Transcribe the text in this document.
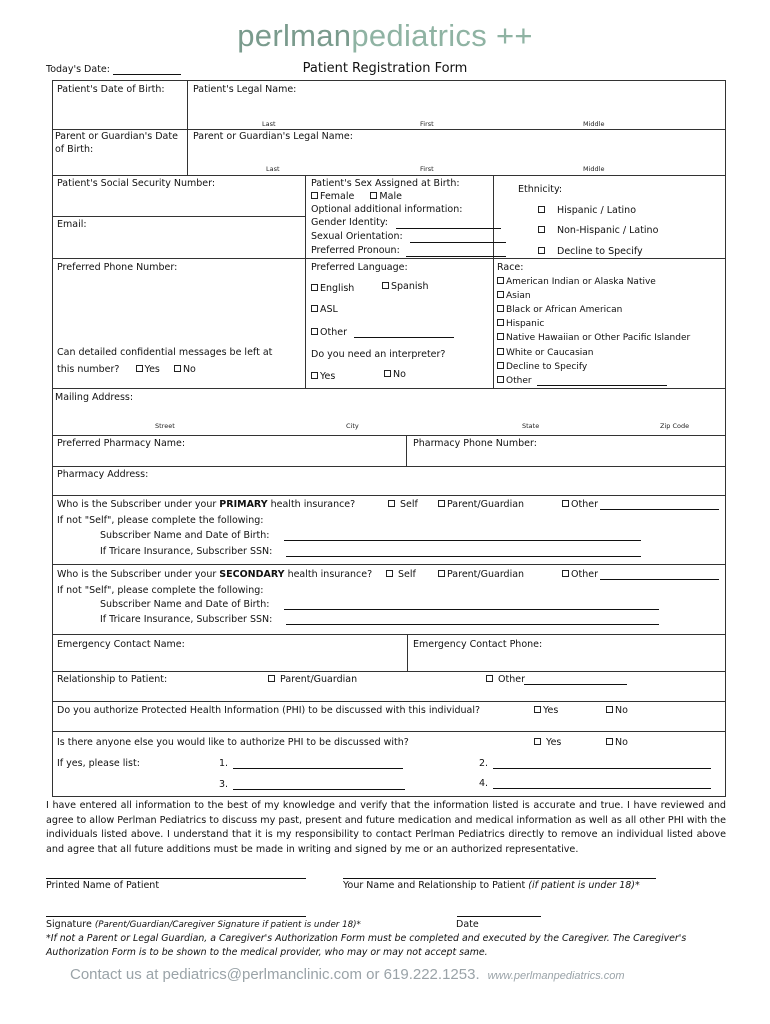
perlmanpediatrics ++
Patient Registration Form
Today's Date:
Patient's Date of Birth:	Patient's Legal Name:
Last	First	Middle
Parent or Guardian's Date
of Birth:
Parent or Guardian's Legal Name:
Last	First	Middle
Patient's Social Security Number:
Email:
Patient's Sex Assigned at Birth:
Female	Male
Optional additional information:
Gender Identity:
Sexual Orientation:
Preferred Pronoun:
Ethnicity:
Hispanic / Latino
Non-Hispanic / Latino
Decline to Specify
Preferred Phone Number:
Can detailed confidential messages be left at
this number?	Yes No
Preferred Language:
English	Spanish
ASL
Other
Do you need an interpreter?
Yes	No
Race:
American Indian or Alaska Native
Asian
Black or African American
Hispanic
Native Hawaiian or Other Pacific Islander
White or Caucasian
Decline to Specify
Other
Mailing Address:
Street	City	State	Zip Code
Preferred Pharmacy Name:	Pharmacy Phone Number:
Pharmacy Address:
Who is the Subscriber under your PRIMARY health insurance?	Self	Parent/Guardian	Other
If not "Self", please complete the following:
Subscriber Name and Date of Birth:
If Tricare Insurance, Subscriber SSN:
Who is the Subscriber under your SECONDARY health insurance?	Self	Parent/Guardian	Other
If not "Self", please complete the following:
Subscriber Name and Date of Birth:
If Tricare Insurance, Subscriber SSN:
Emergency Contact Name:	Emergency Contact Phone:
Relationship to Patient:	Parent/Guardian	Other
Do you authorize Protected Health Information (PHI) to be discussed with this individual?	Yes	No
Is there anyone else you would like to authorize PHI to be discussed with?	Yes	No
If yes, please list:	1.	2.
3.	4.
I have entered all information to the best of my knowledge and verify that the information listed is accurate and true. I have reviewed and agree to allow Perlman Pediatrics to discuss my past, present and future medication and medical information as well as all other PHI with the individuals listed above. I understand that it is my responsibility to contact Perlman Pediatrics directly to remove an individual listed above and agree that all future additions must be made in writing and signed by me or an authorized representative.
Printed Name of Patient	Your Name and Relationship to Patient (if patient is under 18)*
Signature (Parent/Guardian/Caregiver Signature if patient is under 18)*	Date
*If not a Parent or Legal Guardian, a Caregiver's Authorization Form must be completed and executed by the Caregiver. The Caregiver's Authorization Form is to be shown to the medical provider, who may or may not accept same.
Contact us at pediatrics@perlmanclinic.com or 619.222.1253. www.perlmanpediatrics.com
